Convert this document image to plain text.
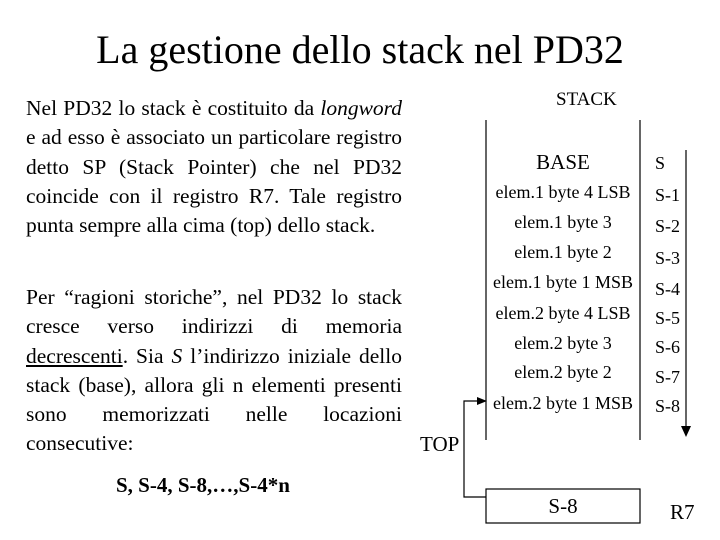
La gestione dello stack nel PD32
Nel PD32 lo stack è costituito da longword e ad esso è associato un particolare registro detto SP (Stack Pointer) che nel PD32 coincide con il registro R7. Tale registro punta sempre alla cima (top) dello stack.
Per “ragioni storiche”, nel PD32 lo stack cresce verso indirizzi di memoria decrescenti. Sia S l’indirizzo iniziale dello stack (base), allora gli n elementi presenti sono memorizzati nelle locazioni consecutive:
S, S-4, S-8,…,S-4*n
STACK
BASE
elem.1 byte 4 LSB
elem.1 byte 3
elem.1 byte 2
elem.1 byte 1 MSB
elem.2 byte 4 LSB
elem.2 byte 3
elem.2 byte 2
elem.2 byte 1 MSB
S
S-1
S-2
S-3
S-4
S-5
S-6
S-7
S-8
TOP
S-8	R7
